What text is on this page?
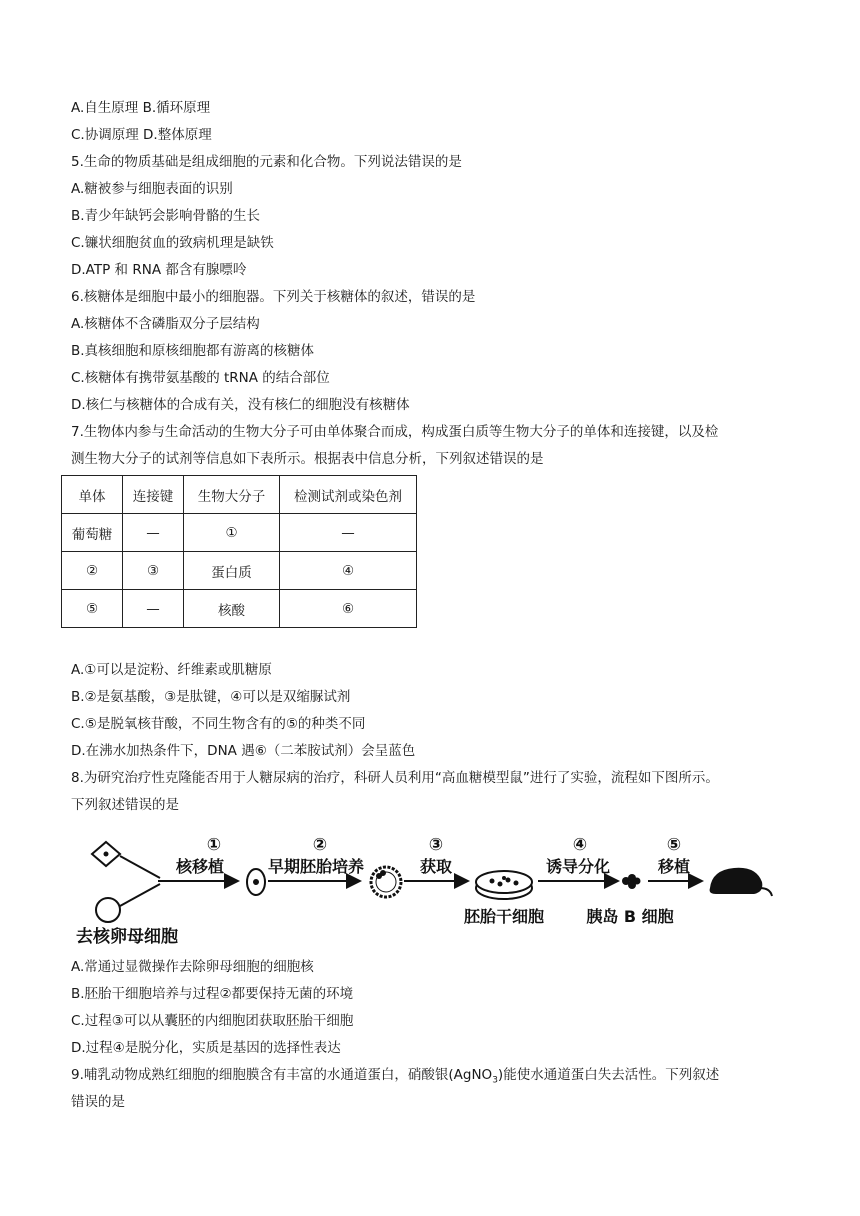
A.自生原理 B.循环原理
C.协调原理 D.整体原理
5.生命的物质基础是组成细胞的元素和化合物。下列说法错误的是
A.糖被参与细胞表面的识别
B.青少年缺钙会影响骨骼的生长
C.镰状细胞贫血的致病机理是缺铁
D.ATP 和 RNA 都含有腺嘌呤
6.核糖体是细胞中最小的细胞器。下列关于核糖体的叙述，错误的是
A.核糖体不含磷脂双分子层结构
B.真核细胞和原核细胞都有游离的核糖体
C.核糖体有携带氨基酸的 tRNA 的结合部位
D.核仁与核糖体的合成有关，没有核仁的细胞没有核糖体
7.生物体内参与生命活动的生物大分子可由单体聚合而成，构成蛋白质等生物大分子的单体和连接键，以及检
测生物大分子的试剂等信息如下表所示。根据表中信息分析，下列叙述错误的是
单体	连接键	生物大分子	检测试剂或染色剂
葡萄糖	—	①	—
②	③	蛋白质	④
⑤	—	核酸	⑥
A.①可以是淀粉、纤维素或肌糖原
B.②是氨基酸，③是肽键，④可以是双缩脲试剂
C.⑤是脱氧核苷酸，不同生物含有的⑤的种类不同
D.在沸水加热条件下，DNA 遇⑥（二苯胺试剂）会呈蓝色
8.为研究治疗性克隆能否用于人糖尿病的治疗，科研人员利用“高血糖模型鼠”进行了实验，流程如下图所示。
下列叙述错误的是
①
核移植
②
早期胚胎培养
③
获取
胚胎干细胞
④
诱导分化
胰岛 B 细胞
⑤
移植
去核卵母细胞
A.常通过显微操作去除卵母细胞的细胞核
B.胚胎干细胞培养与过程②都要保持无菌的环境
C.过程③可以从囊胚的内细胞团获取胚胎干细胞
D.过程④是脱分化，实质是基因的选择性表达
9.哺乳动物成熟红细胞的细胞膜含有丰富的水通道蛋白，硝酸银(AgNO$_3$)能使水通道蛋白失去活性。下列叙述
错误的是
